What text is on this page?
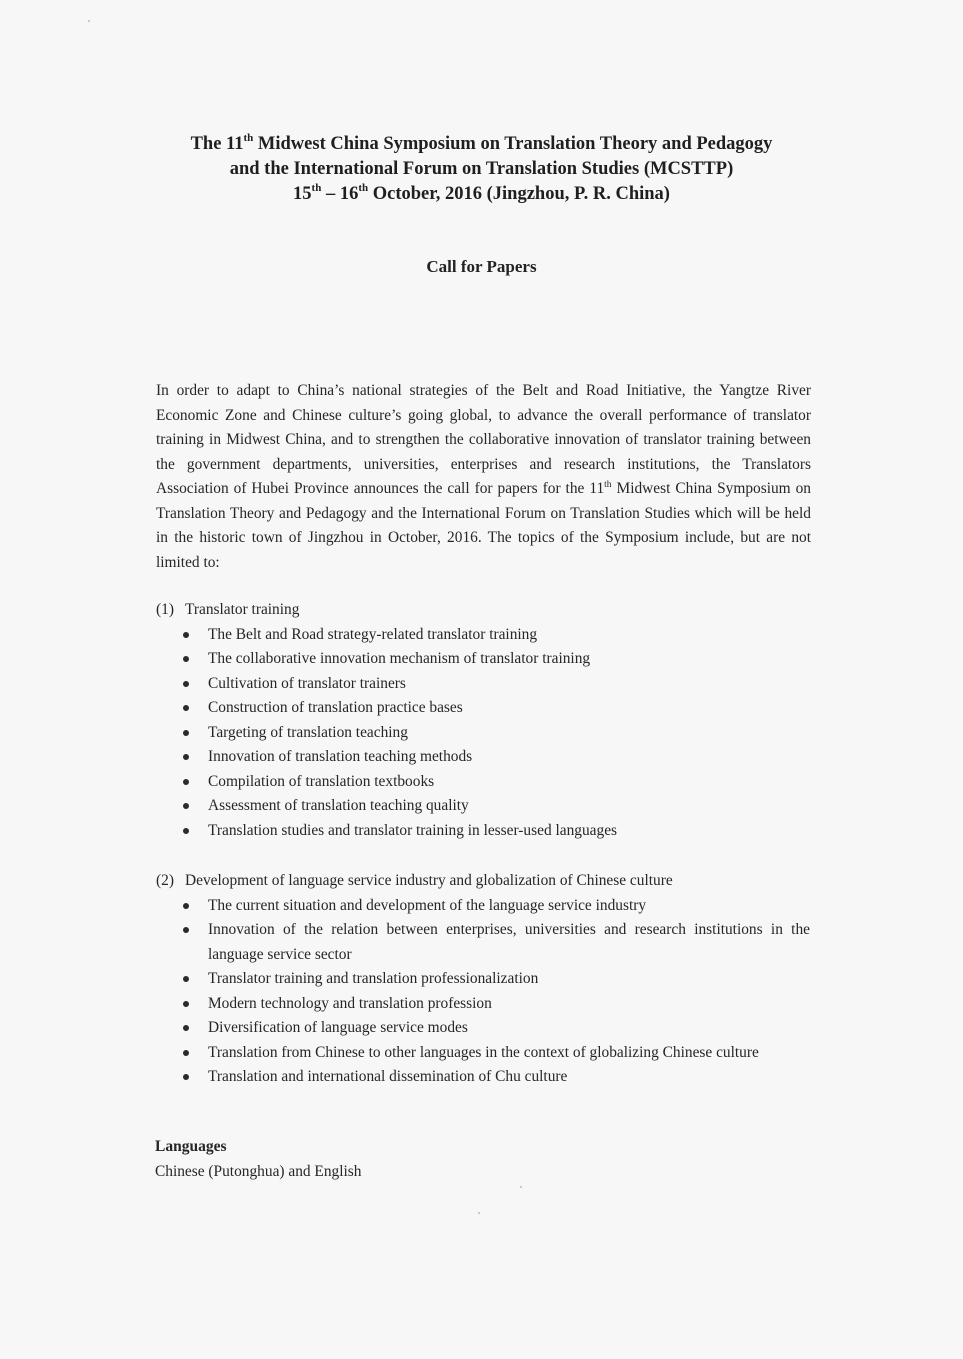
The 11th Midwest China Symposium on Translation Theory and Pedagogy
and the International Forum on Translation Studies (MCSTTP)
15th – 16th October, 2016 (Jingzhou, P. R. China)
Call for Papers

In order to adapt to China’s national strategies of the Belt and Road Initiative, the Yangtze River Economic Zone and Chinese culture’s going global, to advance the overall performance of translator training in Midwest China, and to strengthen the collaborative innovation of translator training between the government departments, universities, enterprises and research institutions, the Translators Association of Hubei Province announces the call for papers for the 11th Midwest China Symposium on Translation Theory and Pedagogy and the International Forum on Translation Studies which will be held in the historic town of Jingzhou in October, 2016. The topics of the Symposium include, but are not limited to:

(1) Translator training
The Belt and Road strategy-related translator training
The collaborative innovation mechanism of translator training
Cultivation of translator trainers
Construction of translation practice bases
Targeting of translation teaching
Innovation of translation teaching methods
Compilation of translation textbooks
Assessment of translation teaching quality
Translation studies and translator training in lesser-used languages
(2) Development of language service industry and globalization of Chinese culture
The current situation and development of the language service industry
Innovation of the relation between enterprises, universities and research institutions in the language service sector
Translator training and translation professionalization
Modern technology and translation profession
Diversification of language service modes
Translation from Chinese to other languages in the context of globalizing Chinese culture
Translation and international dissemination of Chu culture
Languages
Chinese (Putonghua) and English
